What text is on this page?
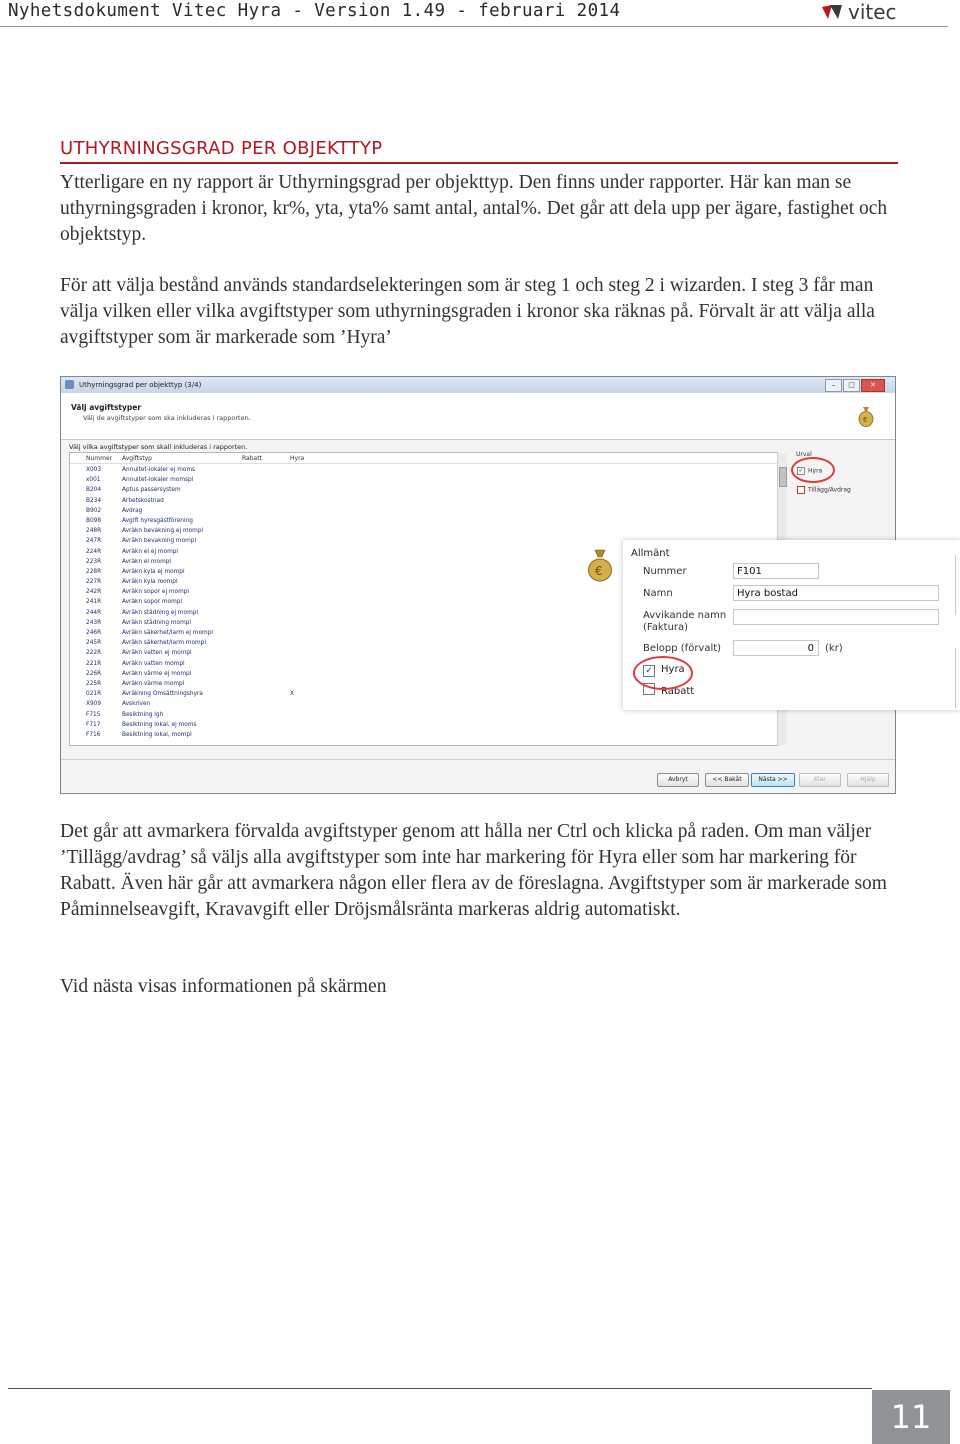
Nyhetsdokument Vitec Hyra - Version 1.49 - februari 2014	vitec
UTHYRNINGSGRAD PER OBJEKTTYP

Ytterligare en ny rapport är Uthyrningsgrad per objekttyp. Den finns under rapporter. Här kan man se uthyrningsgraden i kronor, kr%, yta, yta% samt antal, antal%. Det går att dela upp per ägare, fastighet och objektstyp.

För att välja bestånd används standardselekteringen som är steg 1 och steg 2 i wizarden. I steg 3 får man välja vilken eller vilka avgiftstyper som uthyrningsgraden i kronor ska räknas på. Förvalt är att välja alla avgiftstyper som är markerade som ’Hyra’

Uthyrningsgrad per objekttyp (3/4)	–	□	✕
Välj avgiftstyper
Välj de avgiftstyper som ska inkluderas i rapporten.	€
Välj vilka avgiftstyper som skall inkluderas i rapporten.
Nummer Avgiftstyp	Rabatt	Hyra
X003	Annuitet-lokaler ej moms
x001	Annuitet-lokaler momspl
B204	Aptus passersystem
B234	Arbetskostnad
B902	Avdrag
B098	Avgift hyresgästförening
248R	Avräkn bevakning ej mompl
247R	Avräkn bevakning mompl
224R	Avräkn el ej mompl
223R	Avräkn el mompl
228R	Avräkn kyla ej mompl
227R	Avräkn kyla mompl
242R	Avräkn sopor ej mompl
241R	Avräkn sopor mompl
244R	Avräkn städning ej mompl
243R	Avräkn städning mompl
246R	Avräkn säkerhet/larm ej mompl
245R	Avräkn säkerhet/larm mompl
222R	Avräkn vatten ej mompl
221R	Avräkn vatten mompl
226R	Avräkn värme ej mompl
225R	Avräkn värme mompl
021R	Avräkning Omsättningshyra	X
X909	Avskriven
F715	Besiktning lgh
F717	Besiktning lokal, ej moms
F716	Besiktning lokal, mompl
Urval
✓ Hyra
Tillägg/Avdrag
Avbryt	<< Bakåt	Nästa >>	Klar	Hjälp
€
Allmänt
Nummer	F101
Namn	Hyra bostad
Avvikande namn
(Faktura)
Belopp (förvalt)	0	(kr)
✓ Hyra
Rabatt

Det går att avmarkera förvalda avgiftstyper genom att hålla ner Ctrl och klicka på raden. Om man väljer ’Tillägg/avdrag’ så väljs alla avgiftstyper som inte har markering för Hyra eller som har markering för Rabatt. Även här går att avmarkera någon eller flera av de föreslagna. Avgiftstyper som är markerade som Påminnelseavgift, Kravavgift eller Dröjsmålsränta markeras aldrig automatiskt.

Vid nästa visas informationen på skärmen

11
